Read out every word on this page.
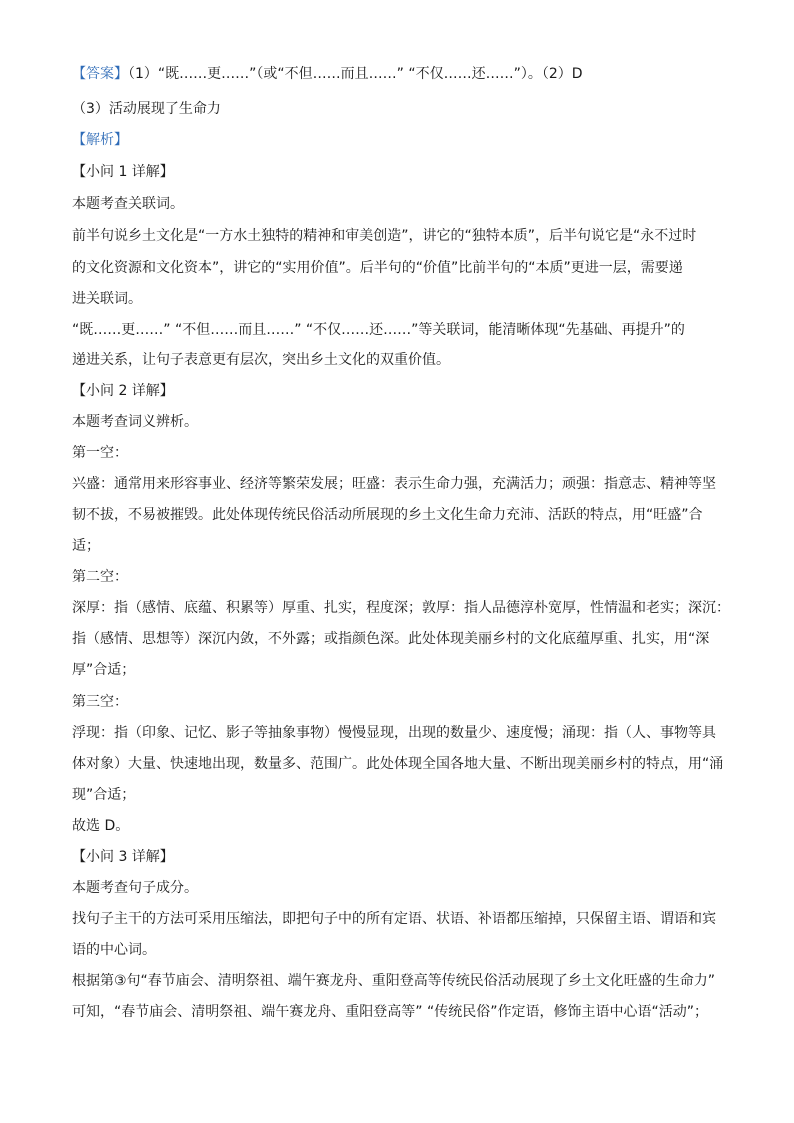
【答案】（1）“既……更……”（或“不但……而且……” “不仅……还……”）。（2）D
（3）活动展现了生命力
【解析】
【小问 1 详解】
本题考查关联词。
前半句说乡土文化是“一方水土独特的精神和审美创造”，讲它的“独特本质”，后半句说它是“永不过时
的文化资源和文化资本”，讲它的“实用价值”。后半句的“价值”比前半句的“本质”更进一层，需要递
进关联词。
“既……更……” “不但……而且……” “不仅……还……”等关联词，能清晰体现“先基础、再提升”的
递进关系，让句子表意更有层次，突出乡土文化的双重价值。
【小问 2 详解】
本题考查词义辨析。
第一空：
兴盛：通常用来形容事业、经济等繁荣发展；旺盛：表示生命力强，充满活力；顽强：指意志、精神等坚
韧不拔，不易被摧毁。此处体现传统民俗活动所展现的乡土文化生命力充沛、活跃的特点，用“旺盛”合
适；
第二空：
深厚：指（感情、底蕴、积累等）厚重、扎实，程度深；敦厚：指人品德淳朴宽厚，性情温和老实；深沉：
指（感情、思想等）深沉内敛，不外露；或指颜色深。此处体现美丽乡村的文化底蕴厚重、扎实，用“深
厚”合适；
第三空：
浮现：指（印象、记忆、影子等抽象事物）慢慢显现，出现的数量少、速度慢；涌现：指（人、事物等具
体对象）大量、快速地出现，数量多、范围广。此处体现全国各地大量、不断出现美丽乡村的特点，用“涌
现”合适；
故选 D。
【小问 3 详解】
本题考查句子成分。
找句子主干的方法可采用压缩法，即把句子中的所有定语、状语、补语都压缩掉，只保留主语、谓语和宾
语的中心词。
根据第③句“春节庙会、清明祭祖、端午赛龙舟、重阳登高等传统民俗活动展现了乡土文化旺盛的生命力”
可知，“春节庙会、清明祭祖、端午赛龙舟、重阳登高等” “传统民俗”作定语，修饰主语中心语“活动”；
